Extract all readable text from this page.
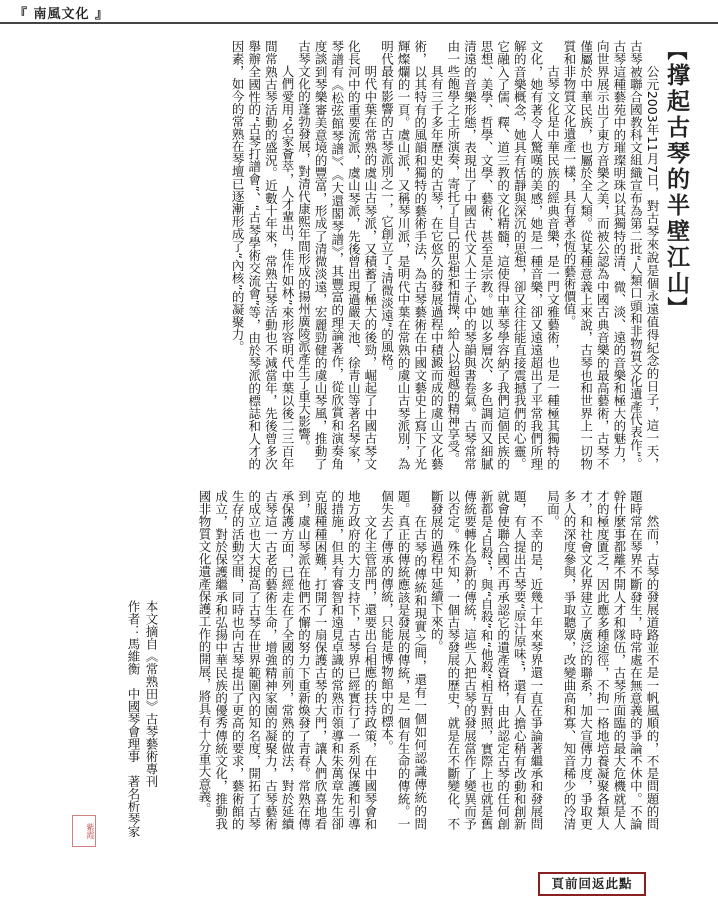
『 南風文化 』
【撑起古琴的半壁江山】

公元2003年11月7日，對古琴來說是個永遠值得紀念的日子，這一天，古琴被聯合國教科文組織宣布為第二批“人類口頭和非物質文化遺產代表作”。古琴這種藝苑中的璀璨明珠以其獨特的清、微、淡、遠的音樂和極大的魅力，向世界展示出了東方音樂之美，而被公認為中國古典音樂的最高藝術，古琴不僅屬於中華民族，也屬於全人類。從某種意義上來說，古琴也和世界上一切物質和非物質文化遺產一樣，具有著永恆的藝術價值。

古琴文化是中華民族的經典音樂，是一門文雅藝術，也是一種極其獨特的文化，她有著令人驚嘆的美感，她是一種音樂，卻又遠遠超出了平常我們所理解的音樂概念，她具有恬靜與深沉的思想，卻又往往能直接震撼我們的心靈。它融入了儒、釋、道三教的文化精髓，這使得中華琴學容納了我們這個民族的思想、美學、哲學、文學、藝術、甚至是宗教。她以多層次、多色調而又細膩清遠的音樂形態，表現出了中國古代文人士子心中的琴韻與書卷氣。古琴常常由一些飽學之士所演奏，寄托了自己的思想和情操，給人以超越的精神享受。

具有三千多年歷史的古琴，在它悠久的發展過程中積澱而成的虞山文化藝術，以其特有的風韻和獨特的藝術手法，為古琴藝術在中國文藝史上寫下了光輝燦爛的一頁。虞山派，又稱琴川派，是明代中葉在常熟的虞山古琴派別，為明代最有影響的古琴派別之一，它創立了“清微淡遠”的風格。

明代中葉在常熟的虞山古琴派，又積蓄了極大的後勁，崛起了中國古琴文化長河中的重要流派，虞山琴派，先後曾出現過嚴天池、徐青山等著名琴家，琴譜有《松弦館琴譜》、《大還閣琴譜》，其豐富的理論著作，從欣賞和演奏角度談到琴樂審美意境的豐富，形成了清微淡遠，宏麗勁健的虞山琴風，推動了古琴文化的蓬勃發展，對清代康熙年間形成的揚州廣陵派產生了重大影響。

人們愛用“名家薈萃，人才輩出，佳作如林”來形容明代中葉以後二三百年間常熟古琴活動的盛況。近數十年來，常熟古琴活動也不減當年，先後曾多次舉辦全國性的“古琴打譜會”、“古琴學術交流會”等，由於琴派的標誌和人才的因素，如今的常熟在琴壇已逐漸形成了“內核”的凝聚力。

然而，古琴的發展道路並不是一帆風順的，不是問題的問題時常在琴界不斷發生，時常處在無意義的爭論不休中。不論幹什麼事都離不開人才和隊伍，古琴所面臨的最大危機就是人才的極度匱乏，因此應多種途徑，不拘一格地培養凝聚各類人才，和社會文化界建立了廣泛的聯系，加大宣傳力度，爭取更多人的深度參與，爭取聽眾，改變曲高和寡、知音稀少的冷清局面。

不幸的是，近幾十年來琴界還一直在爭論著繼承和發展問題，有人提出古琴要“原汁原味”，還有人擔心稍有改動和創新就會使聯合國不再承認它的遺產資格，由此認定古琴的任何創新都是“自殺”，與“自殺”和“他殺”相互對照，實際上也就是舊傳統要轉化為新的傳統，這些人把古琴的發展當作了變異而予以否定。殊不知，一個古琴發展的歷史，就是在不斷變化、不斷發展的過程中延續下來的。

在古琴的傳統和現實之間，還有一個如何認識傳統的問題。真正的傳統應該是發展的傳統，是一個有生命的傳統。一個失去了傳承的傳統，只能是博物館中的標本。

文化主管部門，還要出台相應的扶持政策，在中國琴會和地方政府的大力支持下，古琴界已經實行了一系列保護和引導的措施，但具有睿智和遠見卓識的常熟市領導和朱萬章先生卻克服種種困難，打開了一扇保護古琴的大門，讓人們欣喜地看到，虞山琴派在他們不懈的努力下重新煥發了青春。常熟在傳承保護方面，已經走在了全國的前列，常熟的做法，對於延續古琴這一古老的藝術生命，增強精神家園的凝聚力，古琴藝術的成立也大大提高了古琴在世界範圍內的知名度，開拓了古琴生存的活動空間，同時也向古琴提出了更高的要求，藝術館的成立，對於保護繼承和弘揚中華民族的優秀傳統文化，推動我國非物質文化遺產保護工作的開展，將具有十分重大意義。

本文摘自《常熟田》古琴藝術專刊
作者：馬維衡　中國琴會理事　著名析琴家
紫霞
頁前回返此點
